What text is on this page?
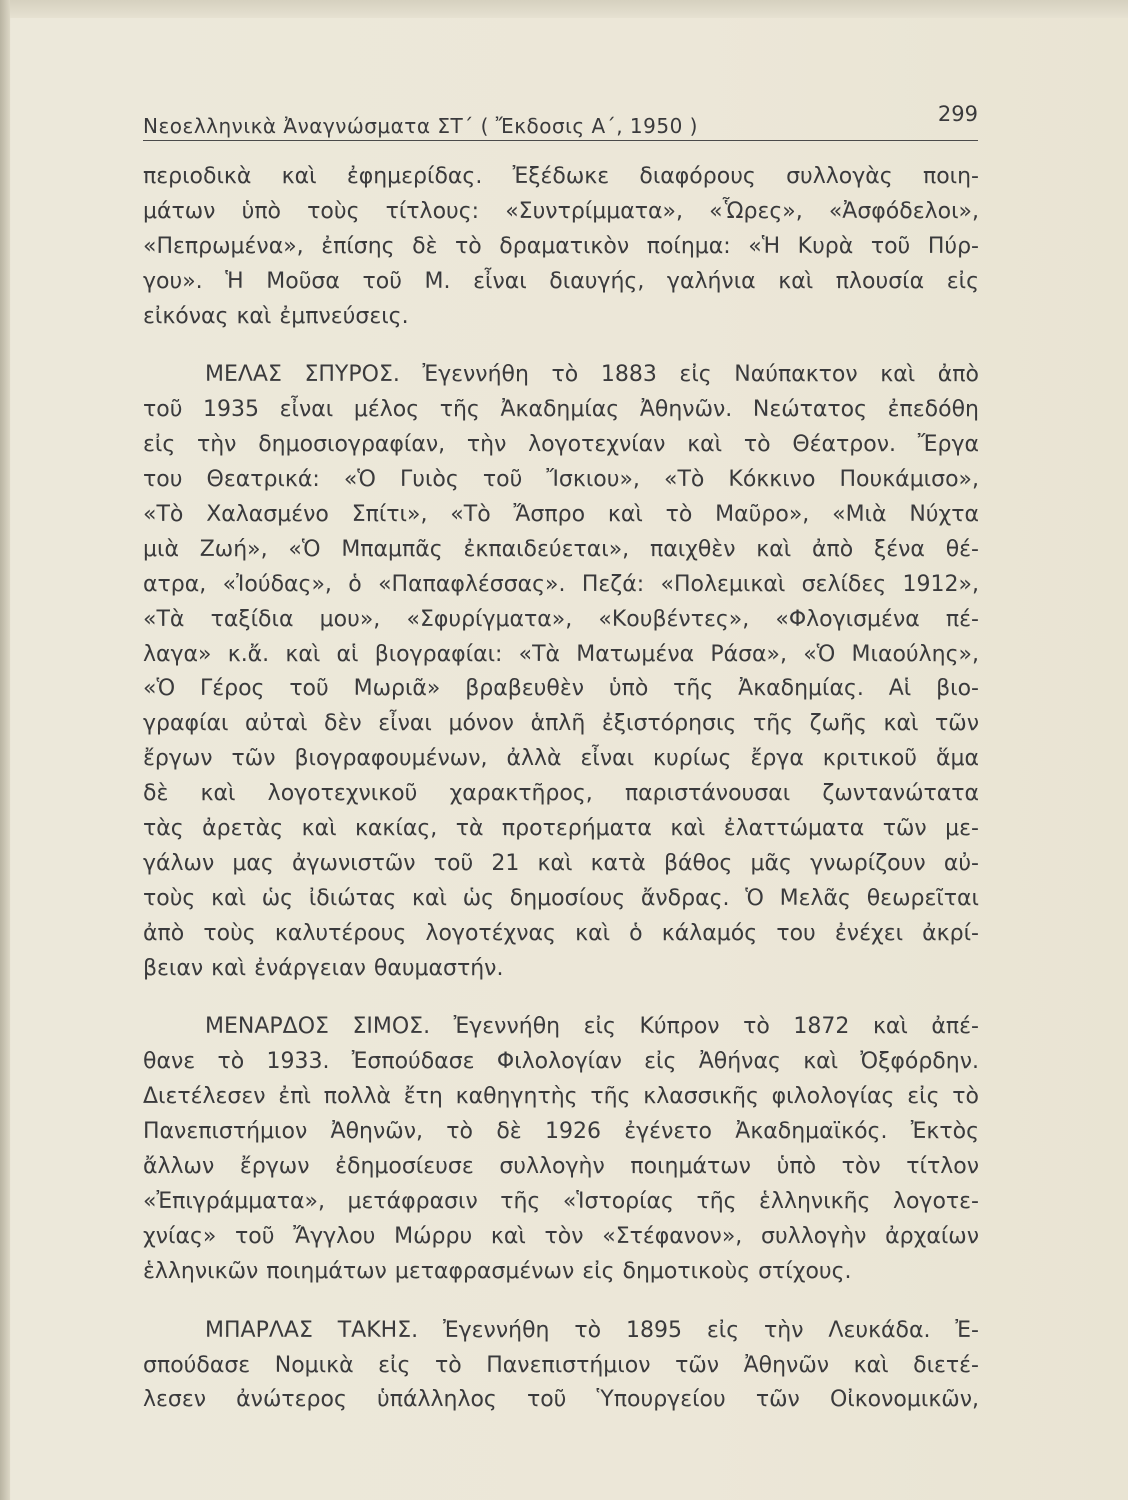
Νεοελληνικὰ Ἀναγνώσματα ΣΤ΄ ( Ἔκδοσις Α΄, 1950 )	299
περιοδικὰ καὶ ἐφημερίδας. Ἐξέδωκε διαφόρους συλλογὰς ποιη-
μάτων ὑπὸ τοὺς τίτλους: «Συντρίμματα», «Ὧρες», «Ἀσφόδελοι»,
«Πεπρωμένα», ἐπίσης δὲ τὸ δραματικὸν ποίημα: «Ἡ Κυρὰ τοῦ Πύρ-
γου». Ἡ Μοῦσα τοῦ Μ. εἶναι διαυγής, γαλήνια καὶ πλουσία εἰς
εἰκόνας καὶ ἐμπνεύσεις.
ΜΕΛΑΣ ΣΠΥΡΟΣ. Ἐγεννήθη τὸ 1883 εἰς Ναύπακτον καὶ ἀπὸ
τοῦ 1935 εἶναι μέλος τῆς Ἀκαδημίας Ἀθηνῶν. Νεώτατος ἐπεδόθη
εἰς τὴν δημοσιογραφίαν, τὴν λογοτεχνίαν καὶ τὸ Θέατρον. Ἔργα
του Θεατρικά: «Ὁ Γυιὸς τοῦ Ἴσκιου», «Τὸ Κόκκινο Πουκάμισο»,
«Τὸ Χαλασμένο Σπίτι», «Τὸ Ἄσπρο καὶ τὸ Μαῦρο», «Μιὰ Νύχτα
μιὰ Ζωή», «Ὁ Μπαμπᾶς ἐκπαιδεύεται», παιχθὲν καὶ ἀπὸ ξένα θέ-
ατρα, «Ἰούδας», ὁ «Παπαφλέσσας». Πεζά: «Πολεμικαὶ σελίδες 1912»,
«Τὰ ταξίδια μου», «Σφυρίγματα», «Κουβέντες», «Φλογισμένα πέ-
λαγα» κ.ἄ. καὶ αἱ βιογραφίαι: «Τὰ Ματωμένα Ράσα», «Ὁ Μιαούλης»,
«Ὁ Γέρος τοῦ Μωριᾶ» βραβευθὲν ὑπὸ τῆς Ἀκαδημίας. Αἱ βιο-
γραφίαι αὐταὶ δὲν εἶναι μόνον ἁπλῆ ἐξιστόρησις τῆς ζωῆς καὶ τῶν
ἔργων τῶν βιογραφουμένων, ἀλλὰ εἶναι κυρίως ἔργα κριτικοῦ ἅμα
δὲ καὶ λογοτεχνικοῦ χαρακτῆρος, παριστάνουσαι ζωντανώτατα
τὰς ἀρετὰς καὶ κακίας, τὰ προτερήματα καὶ ἐλαττώματα τῶν με-
γάλων μας ἀγωνιστῶν τοῦ 21 καὶ κατὰ βάθος μᾶς γνωρίζουν αὐ-
τοὺς καὶ ὡς ἰδιώτας καὶ ὡς δημοσίους ἄνδρας. Ὁ Μελᾶς θεωρεῖται
ἀπὸ τοὺς καλυτέρους λογοτέχνας καὶ ὁ κάλαμός του ἐνέχει ἀκρί-
βειαν καὶ ἐνάργειαν θαυμαστήν.
ΜΕΝΑΡΔΟΣ ΣΙΜΟΣ. Ἐγεννήθη εἰς Κύπρον τὸ 1872 καὶ ἀπέ-
θανε τὸ 1933. Ἐσπούδασε Φιλολογίαν εἰς Ἀθήνας καὶ Ὀξφόρδην.
Διετέλεσεν ἐπὶ πολλὰ ἔτη καθηγητὴς τῆς κλασσικῆς φιλολογίας εἰς τὸ
Πανεπιστήμιον Ἀθηνῶν, τὸ δὲ 1926 ἐγένετο Ἀκαδημαϊκός. Ἐκτὸς
ἄλλων ἔργων ἐδημοσίευσε συλλογὴν ποιημάτων ὑπὸ τὸν τίτλον
«Ἐπιγράμματα», μετάφρασιν τῆς «Ἱστορίας τῆς ἑλληνικῆς λογοτε-
χνίας» τοῦ Ἄγγλου Μώρρυ καὶ τὸν «Στέφανον», συλλογὴν ἀρχαίων
ἑλληνικῶν ποιημάτων μεταφρασμένων εἰς δημοτικοὺς στίχους.
ΜΠΑΡΛΑΣ ΤΑΚΗΣ. Ἐγεννήθη τὸ 1895 εἰς τὴν Λευκάδα. Ἐ-
σπούδασε Νομικὰ εἰς τὸ Πανεπιστήμιον τῶν Ἀθηνῶν καὶ διετέ-
λεσεν ἀνώτερος ὑπάλληλος τοῦ Ὑπουργείου τῶν Οἰκονομικῶν,
